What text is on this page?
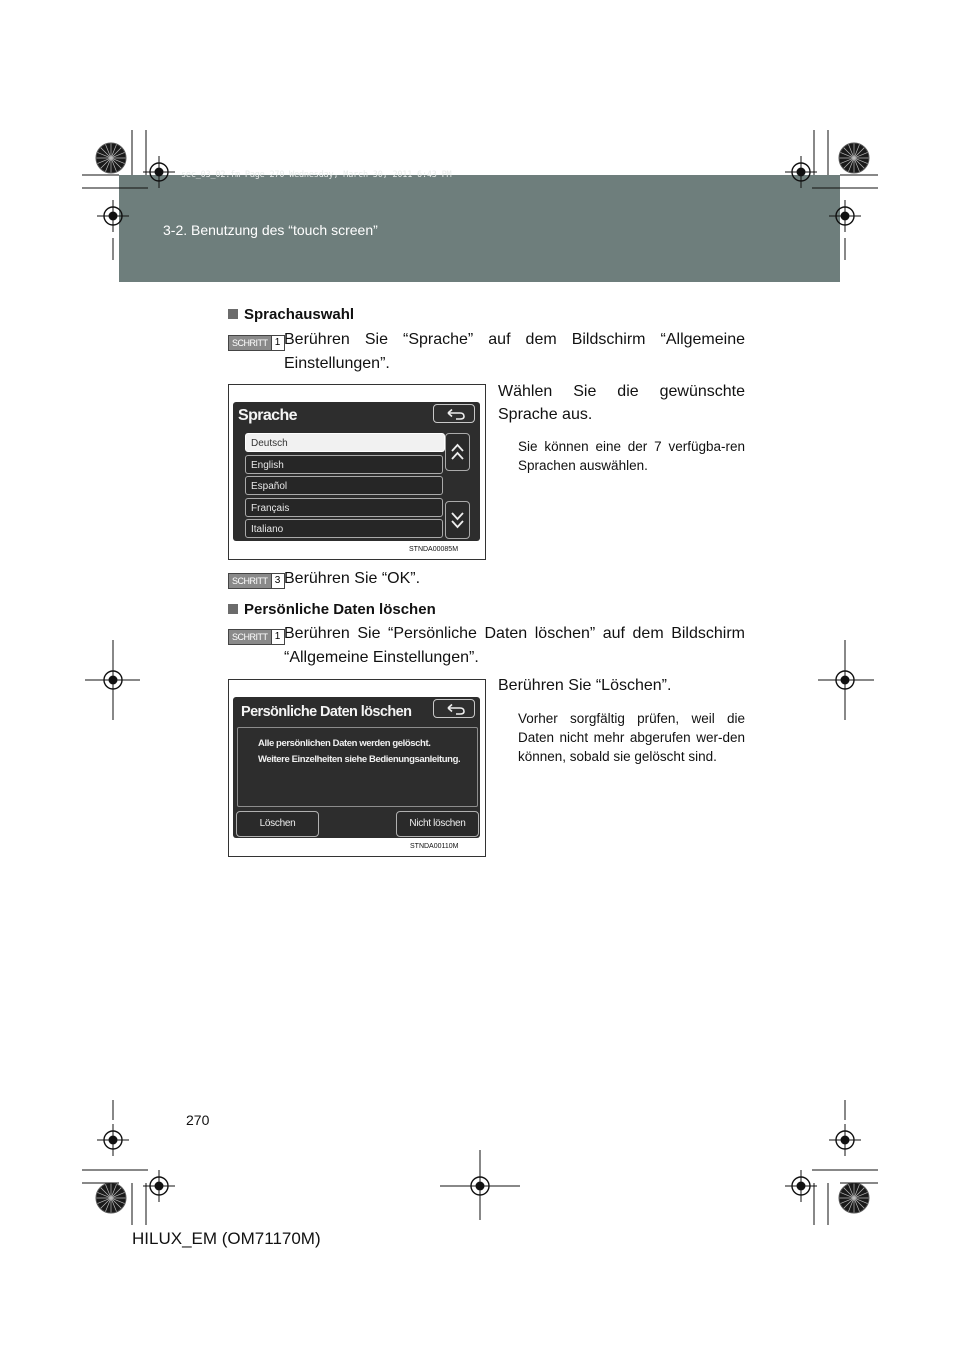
sec_03_02.fm Page 270 Wednesday, March 30, 2011 6:43 PM
3-2. Benutzung des “touch screen”
Sprachauswahl
SCHRITT 1 Berühren Sie “Sprache” auf dem Bildschirm “Allgemeine Einstellungen”.
Sprache
Deutsch
English
Español
Français
Italiano
STNDA00085M
Wählen Sie die gewünschte Sprache aus.
Sie können eine der 7 verfügba-ren Sprachen auswählen.
SCHRITT 3 Berühren Sie “OK”.
Persönliche Daten löschen
SCHRITT 1 Berühren Sie “Persönliche Daten löschen” auf dem Bildschirm “Allgemeine Einstellungen”.
Persönliche Daten löschen
Alle persönlichen Daten werden gelöscht.
Weitere Einzelheiten siehe Bedienungsanleitung.
Löschen	Nicht löschen
STNDA00110M
Berühren Sie “Löschen”.
Vorher sorgfältig prüfen, weil die Daten nicht mehr abgerufen wer-den können, sobald sie gelöscht sind.
270
HILUX_EM (OM71170M)
